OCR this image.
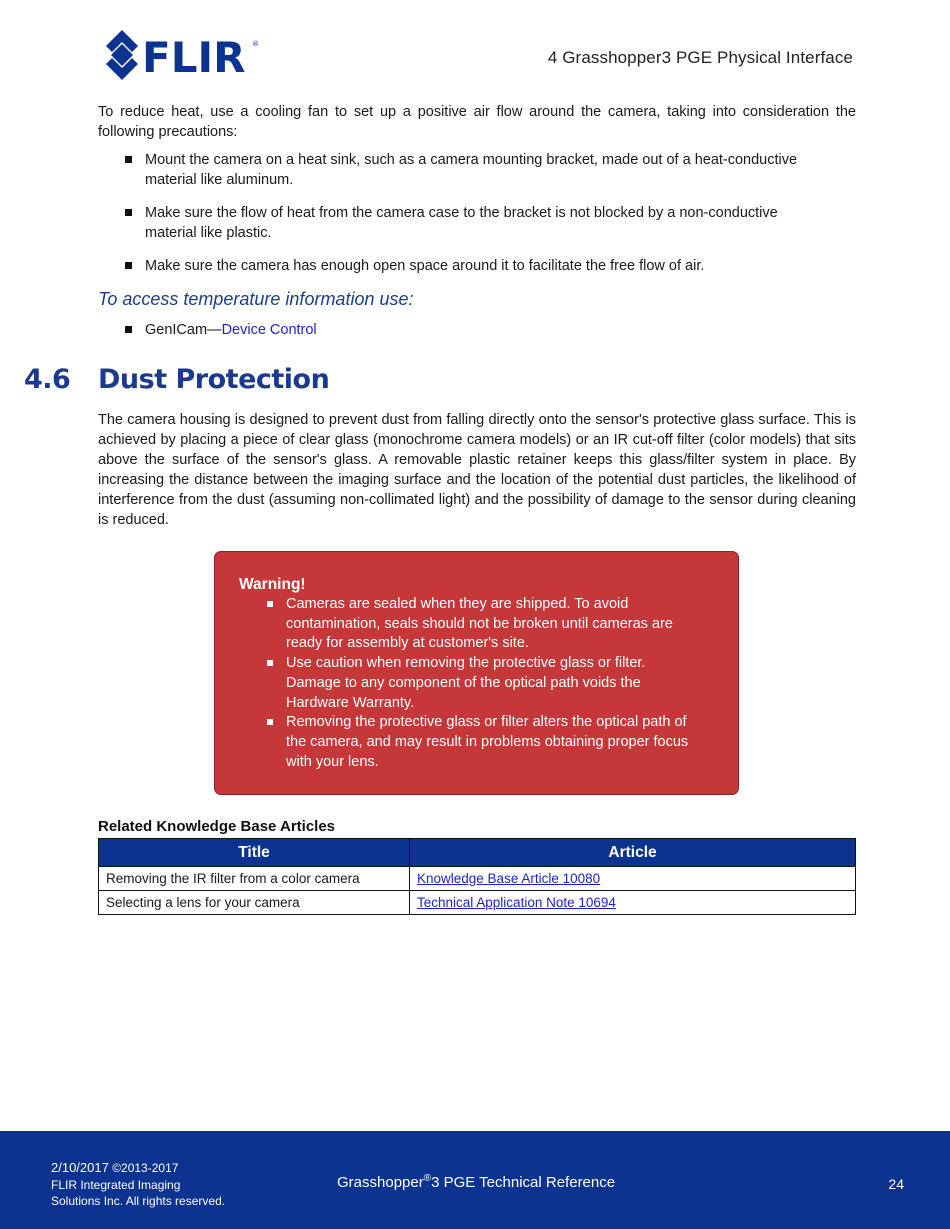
FLIR ®
4 Grasshopper3 PGE Physical Interface

To reduce heat, use a cooling fan to set up a positive air flow around the camera, taking into consideration the following precautions:

Mount the camera on a heat sink, such as a camera mounting bracket, made out of a heat-conductive material like aluminum.
Make sure the flow of heat from the camera case to the bracket is not blocked by a non-conductive material like plastic.
Make sure the camera has enough open space around it to facilitate the free flow of air.
To access temperature information use:
GenICam—Device Control
4.6 Dust Protection

The camera housing is designed to prevent dust from falling directly onto the sensor's protective glass surface. This is achieved by placing a piece of clear glass (monochrome camera models) or an IR cut-off filter (color models) that sits above the surface of the sensor's glass. A removable plastic retainer keeps this glass/filter system in place. By increasing the distance between the imaging surface and the location of the potential dust particles, the likelihood of interference from the dust (assuming non-collimated light) and the possibility of damage to the sensor during cleaning is reduced.

Warning!
Cameras are sealed when they are shipped. To avoid contamination, seals should not be broken until cameras are ready for assembly at customer's site.
Use caution when removing the protective glass or filter. Damage to any component of the optical path voids the Hardware Warranty.
Removing the protective glass or filter alters the optical path of the camera, and may result in problems obtaining proper focus with your lens.
Related Knowledge Base Articles
Title	Article
Removing the IR filter from a color camera	Knowledge Base Article 10080
Selecting a lens for your camera	Technical Application Note 10694
2/10/2017 ©2013-2017
FLIR Integrated Imaging
Solutions Inc. All rights reserved.
Grasshopper®3 PGE Technical Reference	24
